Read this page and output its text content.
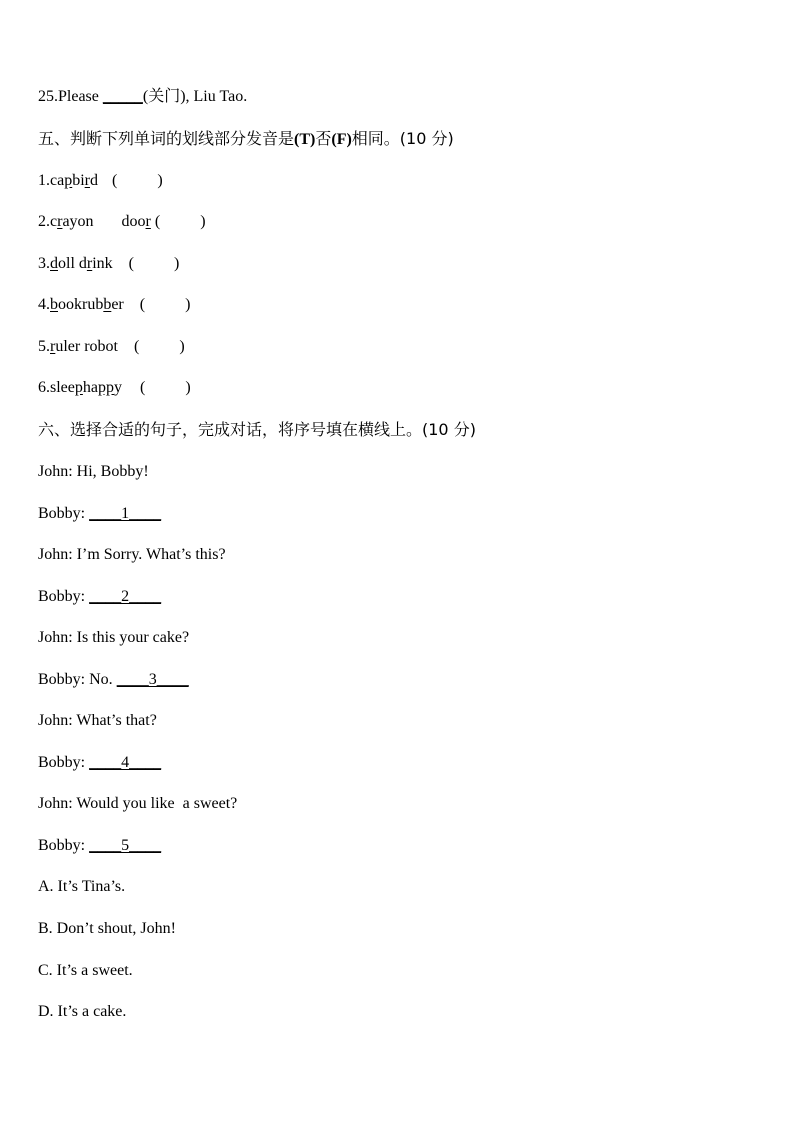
25.Please _____(关门), Liu Tao.
五、判断下列单词的划线部分发音是(T)否(F)相同。(10 分)
1.capbird (          )
2.crayon       door (          )
3.doll drink (          )
4.bookrubber (          )
5.ruler robot (          )
6.sleephappy (          )
六、选择合适的句子，完成对话，将序号填在横线上。(10 分)
John: Hi, Bobby!
Bobby: ____1____
John: I’m Sorry. What’s this?
Bobby: ____2____
John: Is this your cake?
Bobby: No. ____3____
John: What’s that?
Bobby: ____4____
John: Would you like  a sweet?
Bobby: ____5____
A. It’s Tina’s.
B. Don’t shout, John!
C. It’s a sweet.
D. It’s a cake.
